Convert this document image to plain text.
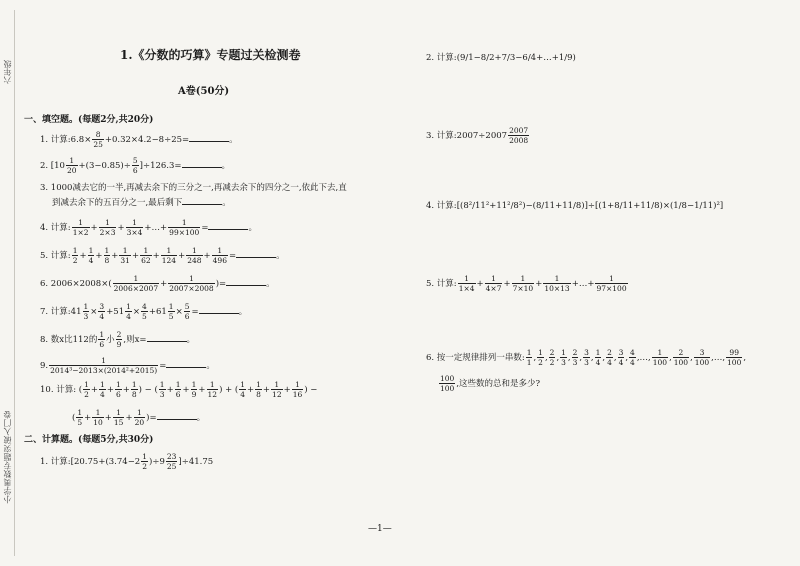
六年级
小学奥数专题突破入门卷
1.《分数的巧算》专题过关检测卷
A卷(50分)
一、填空题。(每题2分,共20分)
1. 计算:6.8× $\frac{8}{25} +0.32\times 4.2-8\div 25=$	。
2. $[10 \frac{1}{20} +(3-0.85)\div \frac{5}{6} ]\div 126.3=$	。
3. 1000减去它的一半,再减去余下的三分之一,再减去余下的四分之一,依此下去,直
到减去余下的五百分之一,最后剩下	。
4. 计算: $\frac{1}{1\times 2} + \frac{1}{2\times 3} + \frac{1}{3\times 4}$ +…+ $\frac{1}{99\times 100}$ =	。
5. 计算: $\frac{1}{2} + \frac{1}{4} + \frac{1}{8} + \frac{1}{31} + \frac{1}{62} + \frac{1}{124} + \frac{1}{248} + \frac{1}{496}$ =	。
6. $2006\times 2008\times( \frac{1}{2006\times 2007} + \frac{1}{2007\times 2008}$ )=	。
7. 计算:41 $\frac{1}{3} \times \frac{3}{4} +51 \frac{1}{4} \times \frac{4}{5} +61 \frac{1}{5} \times \frac{5}{6}$ =	。
8. 数x比112的 $\frac{1}{6}$ 小 $\frac{2}{9}$ ,则x=	。
9. $\frac{1}{\text{2014³−2013×(2014²+2015)}}$ =	。
10. 计算: ( $\frac{1}{2} + \frac{1}{4} + \frac{1}{6} + \frac{1}{8}$ ) − ( $\frac{1}{3} + \frac{1}{6} + \frac{1}{9} + \frac{1}{12}$ ) + ( $\frac{1}{4} + \frac{1}{8} + \frac{1}{12} + \frac{1}{16}$ ) −
( $\frac{1}{5} + \frac{1}{10} + \frac{1}{15} + \frac{1}{20}$ )=	。
二、计算题。(每题5分,共30分)
1. 计算:[20.75+(3.74−2 $\frac{1}{2} )\div 9 \frac{23}{25} ]\div 41.75$
2. 计算:(9/1−8/2+7/3−6/4+…+1/9)
3. 计算:2007÷2007 $\frac{2007}{2008}$
4. 计算:[(8²/11²+11²/8²)−(8/11+11/8)]÷[(1+8/11+11/8)×(1/8−1/11)²]
5. 计算: $\frac{1}{1\times 4} + \frac{1}{4\times 7} + \frac{1}{7\times 10} + \frac{1}{10\times 13}$ +…+ $\frac{1}{97\times 100}$
6. 按一定规律排列一串数: $\frac{1}{1}$ , $\frac{1}{2}$ , $\frac{2}{2}$ , $\frac{1}{3}$ , $\frac{2}{3}$ , $\frac{3}{3}$ , $\frac{1}{4}$ , $\frac{2}{4}$ , $\frac{3}{4}$ , $\frac{4}{4}$ ,…, $\frac{1}{100}$ , $\frac{2}{100}$ , $\frac{3}{100}$ ,…, $\frac{99}{100}$ ,
$\frac{100}{100}$ ,这些数的总和是多少?
—1—
